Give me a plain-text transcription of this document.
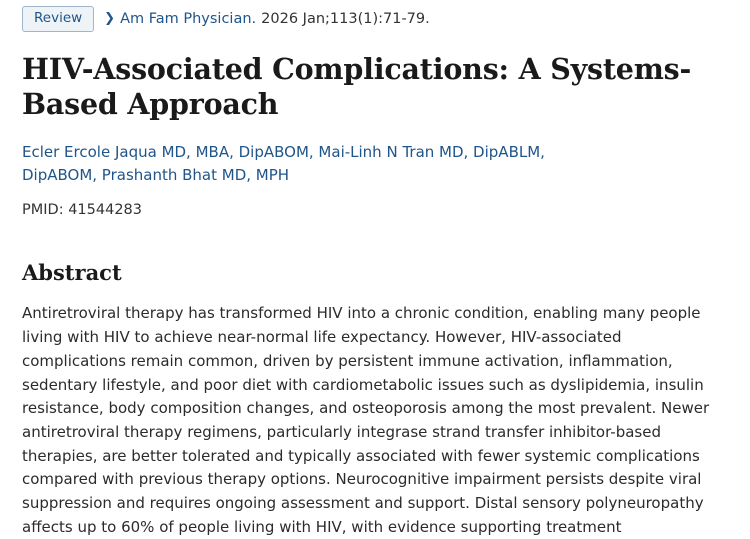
Review	❯ Am Fam Physician. 2026 Jan;113(1):71-79.
HIV-Associated Complications: A Systems-Based Approach
Ecler Ercole Jaqua MD, MBA, DipABOM, Mai-Linh N Tran MD, DipABLM, DipABOM, Prashanth Bhat MD, MPH
PMID: 41544283
Abstract
Antiretroviral therapy has transformed HIV into a chronic condition, enabling many people living with HIV to achieve near-normal life expectancy. However, HIV-associated complications remain common, driven by persistent immune activation, inflammation, sedentary lifestyle, and poor diet with cardiometabolic issues such as dyslipidemia, insulin resistance, body composition changes, and osteoporosis among the most prevalent. Newer antiretroviral therapy regimens, particularly integrase strand transfer inhibitor-based therapies, are better tolerated and typically associated with fewer systemic complications compared with previous therapy options. Neurocognitive impairment persists despite viral suppression and requires ongoing assessment and support. Distal sensory polyneuropathy affects up to 60% of people living with HIV, with evidence supporting treatment
